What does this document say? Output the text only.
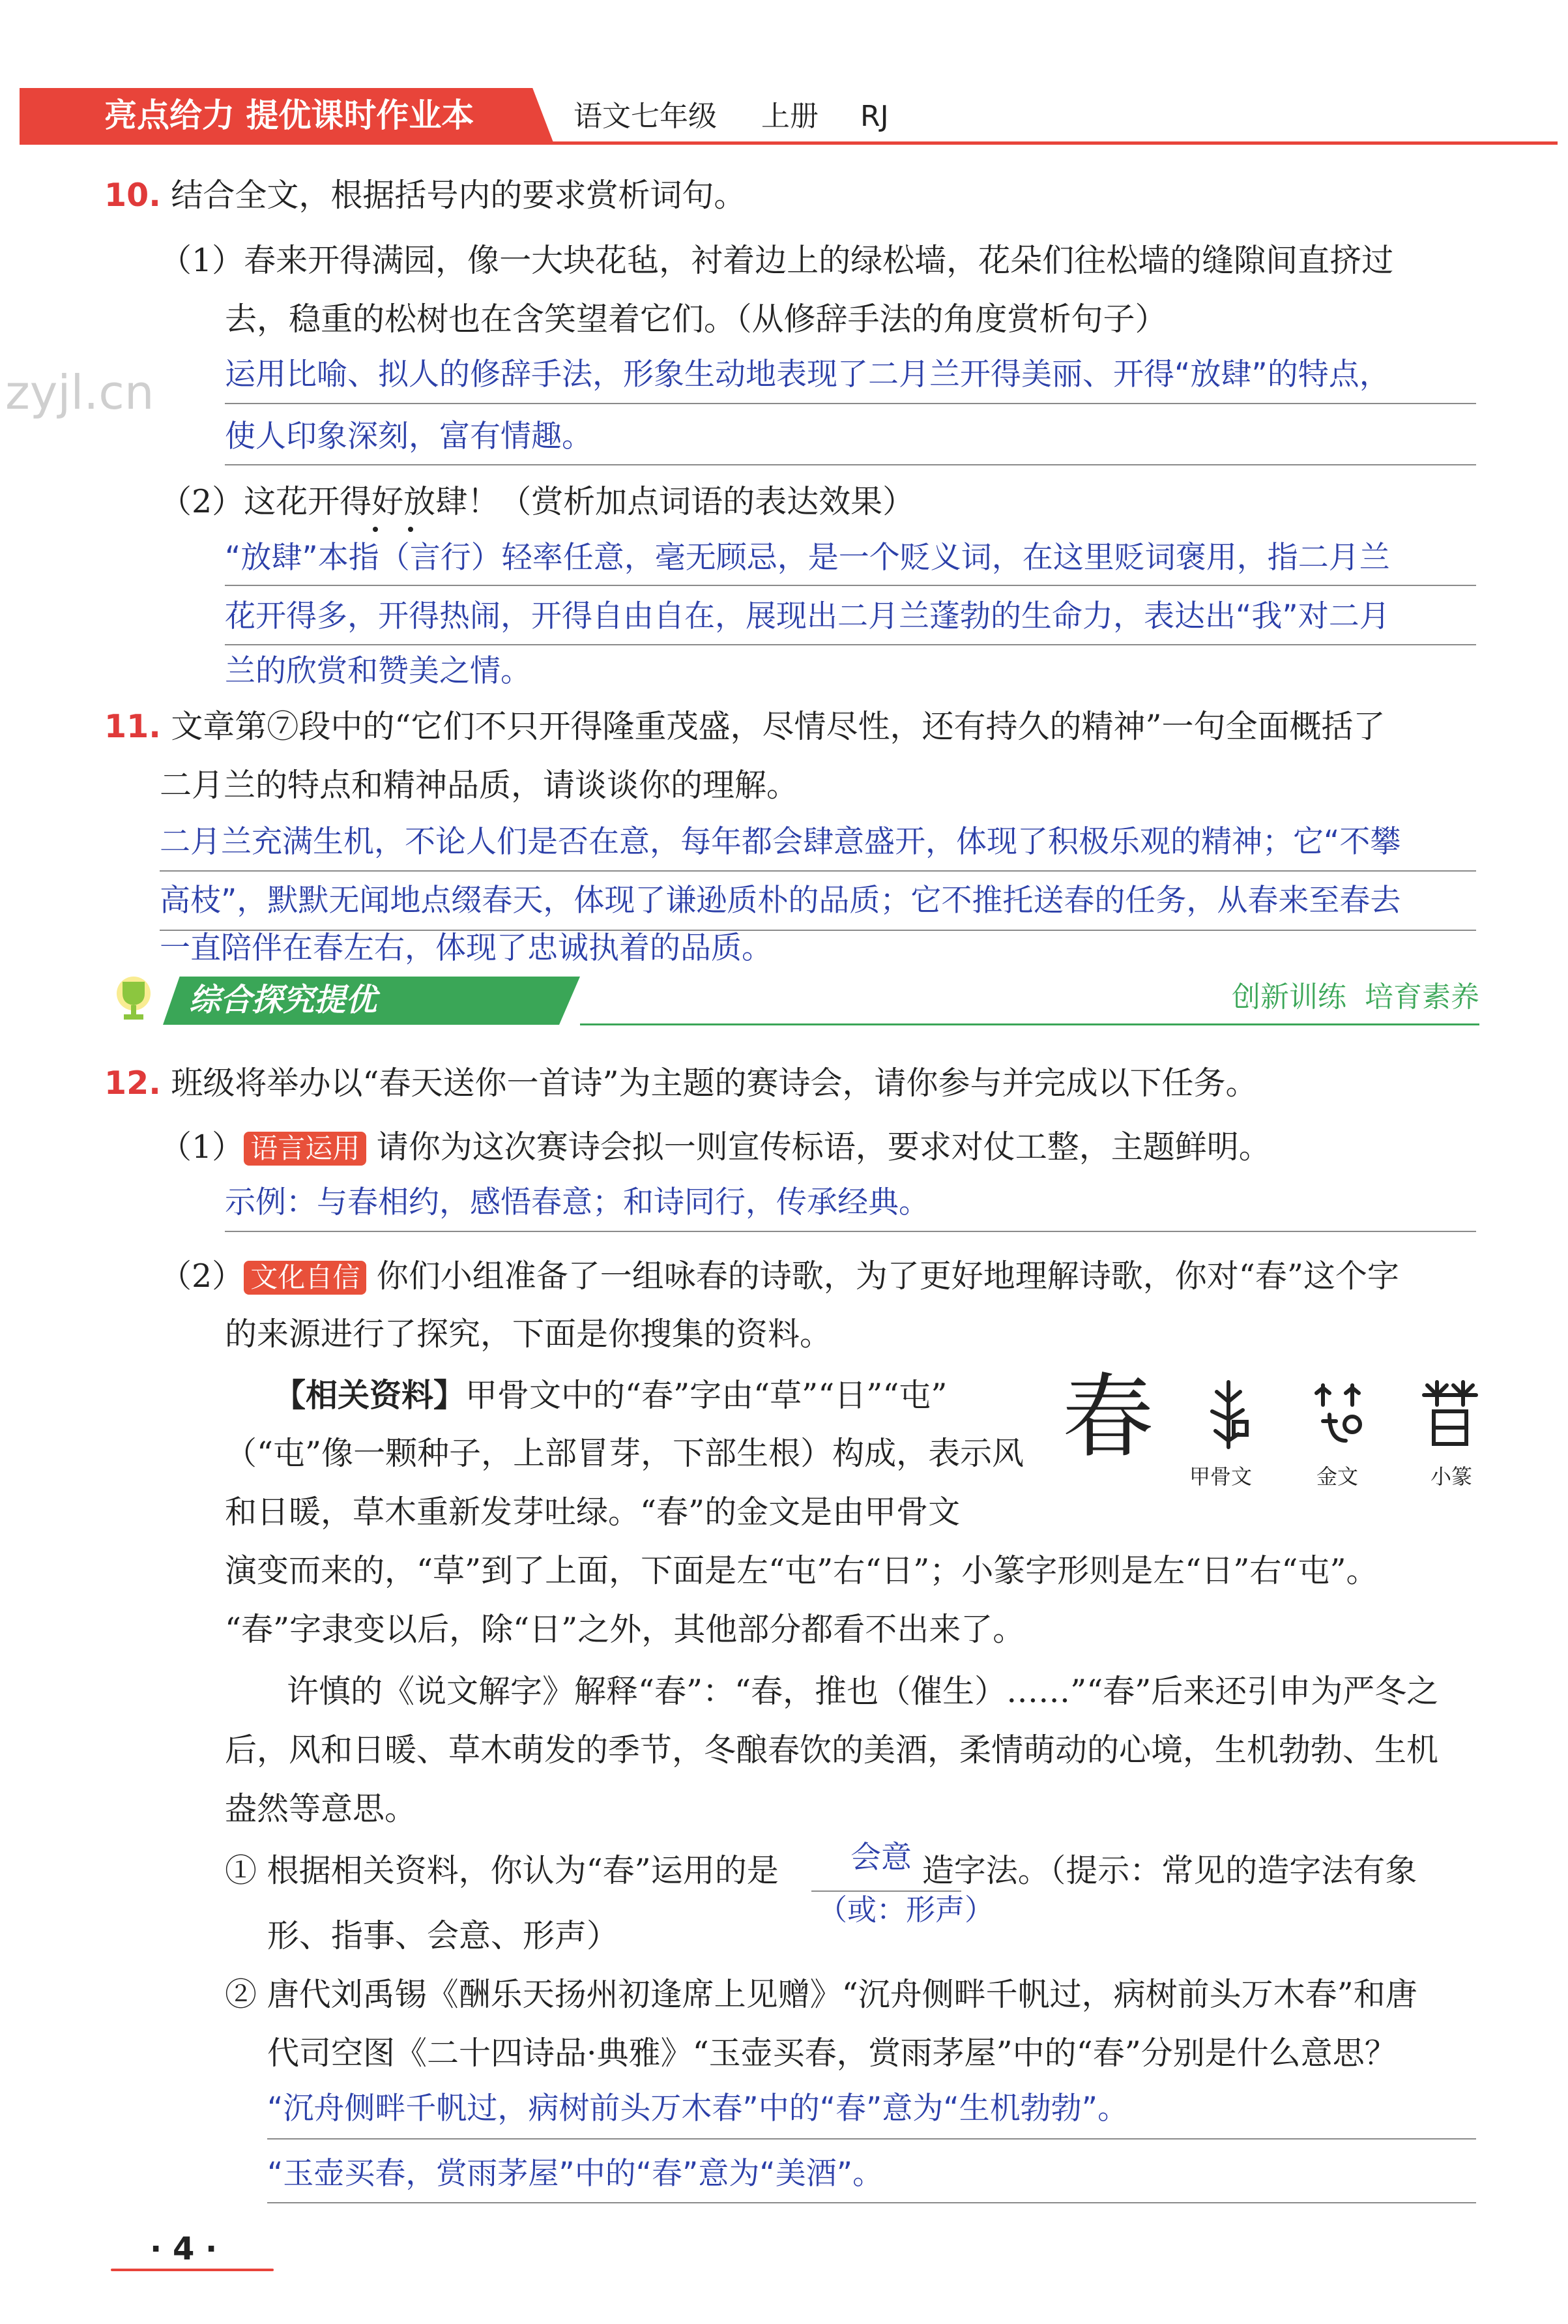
亮点给力 提优课时作业本	语文七年级 上册 RJ
zyjl.cn
10. 结合全文，根据括号内的要求赏析词句。
（1）春来开得满园，像一大块花毡，衬着边上的绿松墙，花朵们往松墙的缝隙间直挤过
去，稳重的松树也在含笑望着它们。（从修辞手法的角度赏析句子）
运用比喻、拟人的修辞手法，形象生动地表现了二月兰开得美丽、开得“放肆”的特点，
使人印象深刻，富有情趣。
（2）这花开得好放肆！（赏析加点词语的表达效果）
“放肆”本指（言行）轻率任意，毫无顾忌，是一个贬义词，在这里贬词褒用，指二月兰
花开得多，开得热闹，开得自由自在，展现出二月兰蓬勃的生命力，表达出“我”对二月
兰的欣赏和赞美之情。
11. 文章第⑦段中的“它们不只开得隆重茂盛，尽情尽性，还有持久的精神”一句全面概括了
二月兰的特点和精神品质，请谈谈你的理解。
二月兰充满生机，不论人们是否在意，每年都会肆意盛开，体现了积极乐观的精神；它“不攀
高枝”，默默无闻地点缀春天，体现了谦逊质朴的品质；它不推托送春的任务，从春来至春去
一直陪伴在春左右，体现了忠诚执着的品质。
综合探究提优	创新训练  培育素养
12. 班级将举办以“春天送你一首诗”为主题的赛诗会，请你参与并完成以下任务。
（1） 语言运用 请你为这次赛诗会拟一则宣传标语，要求对仗工整，主题鲜明。
示例：与春相约，感悟春意；和诗同行，传承经典。
（2） 文化自信 你们小组准备了一组咏春的诗歌，为了更好地理解诗歌，你对“春”这个字
的来源进行了探究，下面是你搜集的资料。
【相关资料】甲骨文中的“春”字由“草”“日”“屯”
（“屯”像一颗种子，上部冒芽，下部生根）构成，表示风
和日暖，草木重新发芽吐绿。“春”的金文是由甲骨文
演变而来的，“草”到了上面，下面是左“屯”右“日”；小篆字形则是左“日”右“屯”。
“春”字隶变以后，除“日”之外，其他部分都看不出来了。
许慎的《说文解字》解释“春”：“春，推也（催生）……”“春”后来还引申为严冬之
后，风和日暖、草木萌发的季节，冬酿春饮的美酒，柔情萌动的心境，生机勃勃、生机
盎然等意思。
春
甲骨文	金文	小篆
① 根据相关资料，你认为“春”运用的是	造字法。（提示：常见的造字法有象
会意
（或：形声）
形、指事、会意、形声）
② 唐代刘禹锡《酬乐天扬州初逢席上见赠》“沉舟侧畔千帆过，病树前头万木春”和唐
代司空图《二十四诗品·典雅》“玉壶买春，赏雨茅屋”中的“春”分别是什么意思？
“沉舟侧畔千帆过，病树前头万木春”中的“春”意为“生机勃勃”。
“玉壶买春，赏雨茅屋”中的“春”意为“美酒”。
· 4 ·
